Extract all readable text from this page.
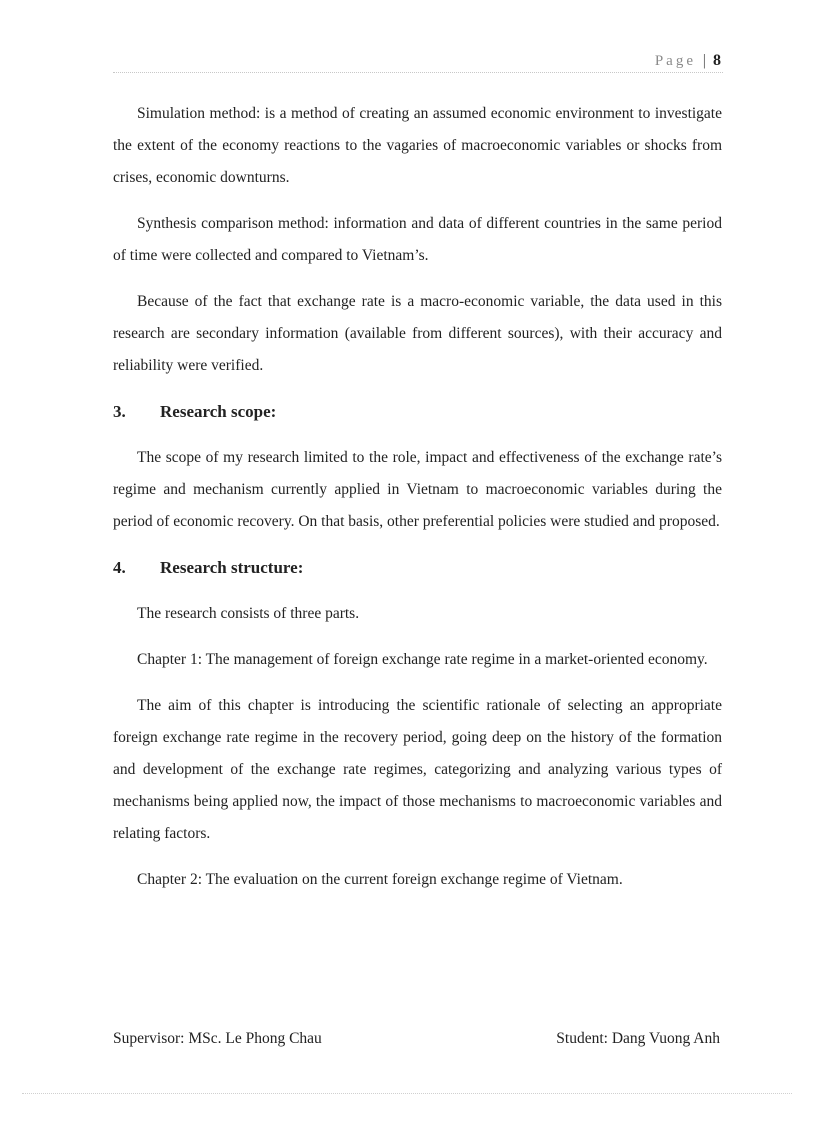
Page | 8

Simulation method: is a method of creating an assumed economic environment to investigate the extent of the economy reactions to the vagaries of macroeconomic variables or shocks from crises, economic downturns.

Synthesis comparison method: information and data of different countries in the same period of time were collected and compared to Vietnam’s.

Because of the fact that exchange rate is a macro-economic variable, the data used in this research are secondary information (available from different sources), with their accuracy and reliability were verified.

3. Research scope:

The scope of my research limited to the role, impact and effectiveness of the exchange rate’s regime and mechanism currently applied in Vietnam to macroeconomic variables during the period of economic recovery. On that basis, other preferential policies were studied and proposed.

4. Research structure:

The research consists of three parts.

Chapter 1: The management of foreign exchange rate regime in a market-oriented economy.

The aim of this chapter is introducing the scientific rationale of selecting an appropriate foreign exchange rate regime in the recovery period, going deep on the history of the formation and development of the exchange rate regimes, categorizing and analyzing various types of mechanisms being applied now, the impact of those mechanisms to macroeconomic variables and relating factors.

Chapter 2: The evaluation on the current foreign exchange regime of Vietnam.

Supervisor: MSc. Le Phong Chau	Student: Dang Vuong Anh
